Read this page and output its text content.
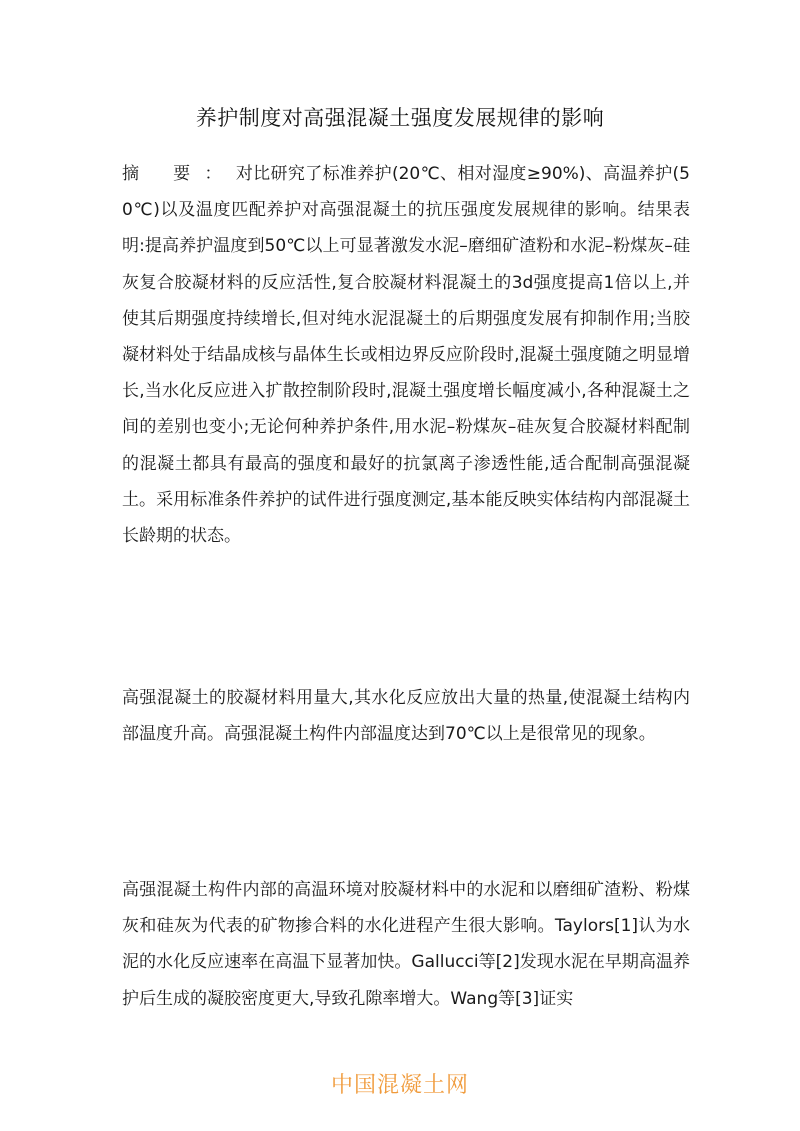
养护制度对高强混凝土强度发展规律的影响

摘 要：对比研究了标准养护(20℃、相对湿度≥90%)、高温养护(50℃)以及温度匹配养护对高强混凝土的抗压强度发展规律的影响。结果表明:提高养护温度到50℃以上可显著激发水泥–磨细矿渣粉和水泥–粉煤灰–硅灰复合胶凝材料的反应活性,复合胶凝材料混凝土的3d强度提高1倍以上,并使其后期强度持续增长,但对纯水泥混凝土的后期强度发展有抑制作用;当胶凝材料处于结晶成核与晶体生长或相边界反应阶段时,混凝土强度随之明显增长,当水化反应进入扩散控制阶段时,混凝土强度增长幅度减小,各种混凝土之间的差别也变小;无论何种养护条件,用水泥–粉煤灰–硅灰复合胶凝材料配制的混凝土都具有最高的强度和最好的抗氯离子渗透性能,适合配制高强混凝土。采用标准条件养护的试件进行强度测定,基本能反映实体结构内部混凝土长龄期的状态。

高强混凝土的胶凝材料用量大,其水化反应放出大量的热量,使混凝土结构内部温度升高。高强混凝土构件内部温度达到70℃以上是很常见的现象。

高强混凝土构件内部的高温环境对胶凝材料中的水泥和以磨细矿渣粉、粉煤灰和硅灰为代表的矿物掺合料的水化进程产生很大影响。Taylors[1]认为水泥的水化反应速率在高温下显著加快。Gallucci等[2]发现水泥在早期高温养护后生成的凝胶密度更大,导致孔隙率增大。Wang等[3]证实

中国混凝土网
